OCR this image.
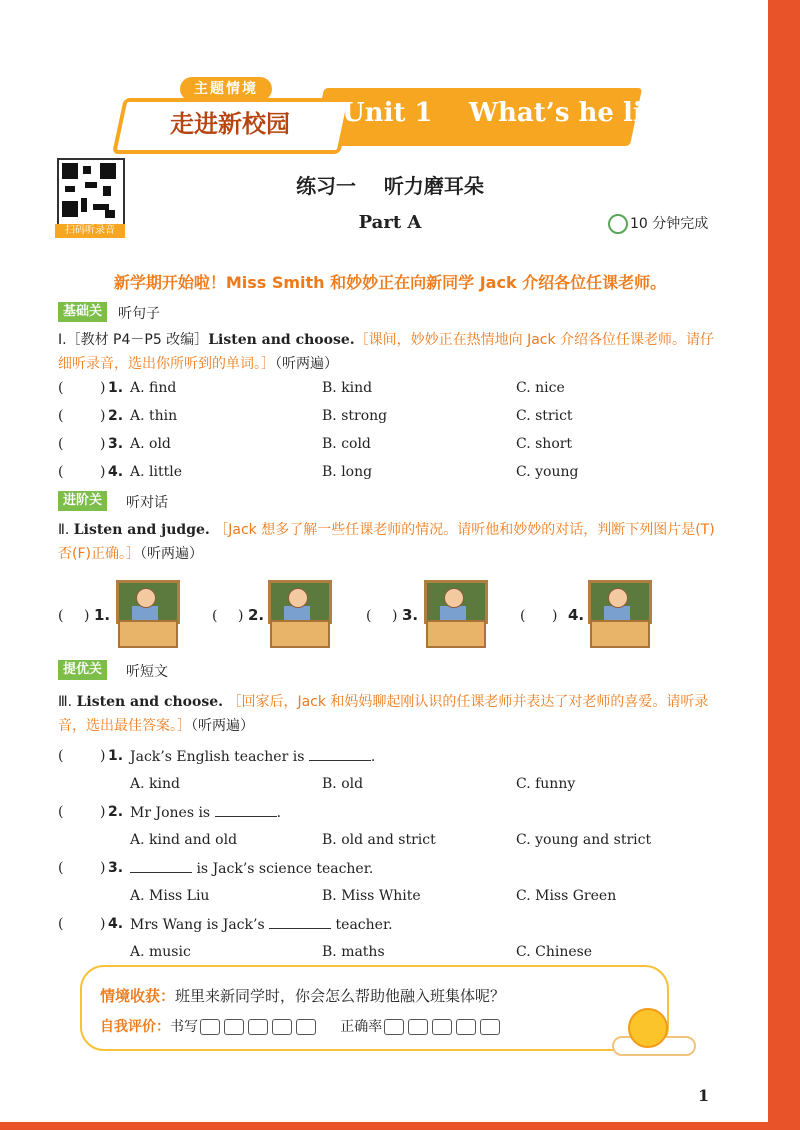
主题情境
走进新校园	Unit 1    What’s he like?
扫码听录音
练习一    听力磨耳朵
Part A	10 分钟完成
新学期开始啦！Miss Smith 和妙妙正在向新同学 Jack 介绍各位任课老师。
基础关	听句子
Ⅰ.［教材 P4－P5 改编］Listen and choose.［课间，妙妙正在热情地向 Jack 介绍各位任课老师。请仔细听录音，选出你所听到的单词。］（听两遍）
(	) 1. A. find	B. kind	C. nice
(	) 2. A. thin	B. strong	C. strict
(	) 3. A. old	B. cold	C. short
(	) 4. A. little	B. long	C. young
进阶关	听对话
Ⅱ. Listen and judge. ［Jack 想多了解一些任课老师的情况。请听他和妙妙的对话，判断下列图片是(T)否(F)正确。］（听两遍）
( ) 1.	( ) 2.	( ) 3.	( ) 4.
提优关	听短文
Ⅲ. Listen and choose. ［回家后，Jack 和妈妈聊起刚认识的任课老师并表达了对老师的喜爱。请听录音，选出最佳答案。］（听两遍）
(	) 1. Jack’s English teacher is	.
A. kind	B. old	C. funny
(	) 2. Mr Jones is	.
A. kind and old	B. old and strict	C. young and strict
(	) 3.	is Jack’s science teacher.
A. Miss Liu	B. Miss White	C. Miss Green
(	) 4. Mrs Wang is Jack’s	teacher.
A. music	B. maths	C. Chinese
情境收获：班里来新同学时，你会怎么帮助他融入班集体呢？
自我评价：书写	正确率
1
